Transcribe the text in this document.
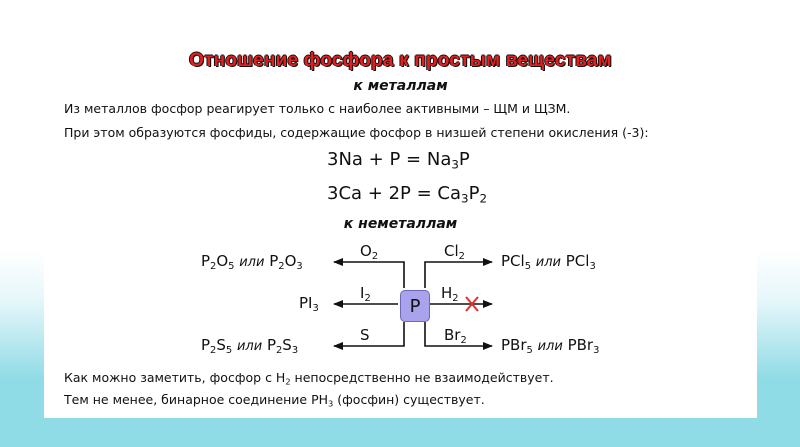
Отношение фосфора к простым веществам
к металлам
Из металлов фосфор реагирует только с наиболее активными – ЩМ и ЩЗМ.
При этом образуются фосфиды, содержащие фосфор в низшей степени окисления (-3):
$3Na + P = Na_3P$
$3Ca + 2P = Ca_3P_2$
к неметаллам
P
$O_2$	$Cl_2$
$I_2$	$H_2$
S	$Br_2$
$P_2O_5$ или $P_2O_3$	PCl$_5$ или PCl$_3$
$PI_3$
$P_2S_5$ или $P_2S_3$	PBr$_5$ или PBr$_3$
Как можно заметить, фосфор с $H_2$ непосредственно не взаимодействует.
Тем не менее, бинарное соединение $PH_3$ (фосфин) существует.
